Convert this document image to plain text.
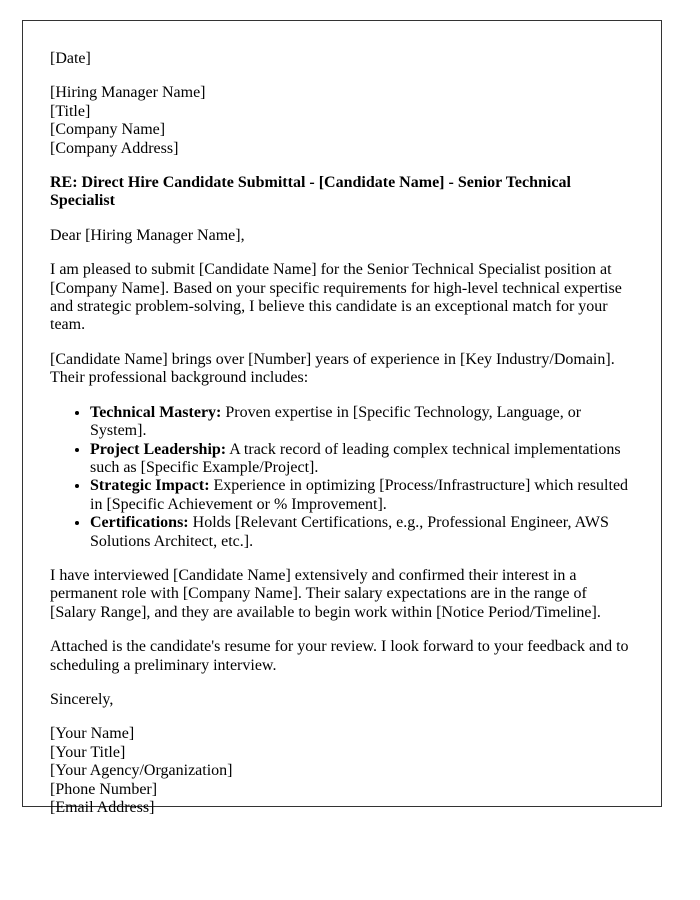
[Date]

[Hiring Manager Name]
[Title]
[Company Name]
[Company Address]

RE: Direct Hire Candidate Submittal - [Candidate Name] - Senior Technical Specialist

Dear [Hiring Manager Name],

I am pleased to submit [Candidate Name] for the Senior Technical Specialist position at [Company Name]. Based on your specific requirements for high-level technical expertise and strategic problem-solving, I believe this candidate is an exceptional match for your team.

[Candidate Name] brings over [Number] years of experience in [Key Industry/Domain]. Their professional background includes:

• Technical Mastery: Proven expertise in [Specific Technology, Language, or System].
• Project Leadership: A track record of leading complex technical implementations such as [Specific Example/Project].
• Strategic Impact: Experience in optimizing [Process/Infrastructure] which resulted in [Specific Achievement or % Improvement].
• Certifications: Holds [Relevant Certifications, e.g., Professional Engineer, AWS Solutions Architect, etc.].

I have interviewed [Candidate Name] extensively and confirmed their interest in a permanent role with [Company Name]. Their salary expectations are in the range of [Salary Range], and they are available to begin work within [Notice Period/Timeline].

Attached is the candidate's resume for your review. I look forward to your feedback and to scheduling a preliminary interview.

Sincerely,

[Your Name]
[Your Title]
[Your Agency/Organization]
[Phone Number]
[Email Address]
